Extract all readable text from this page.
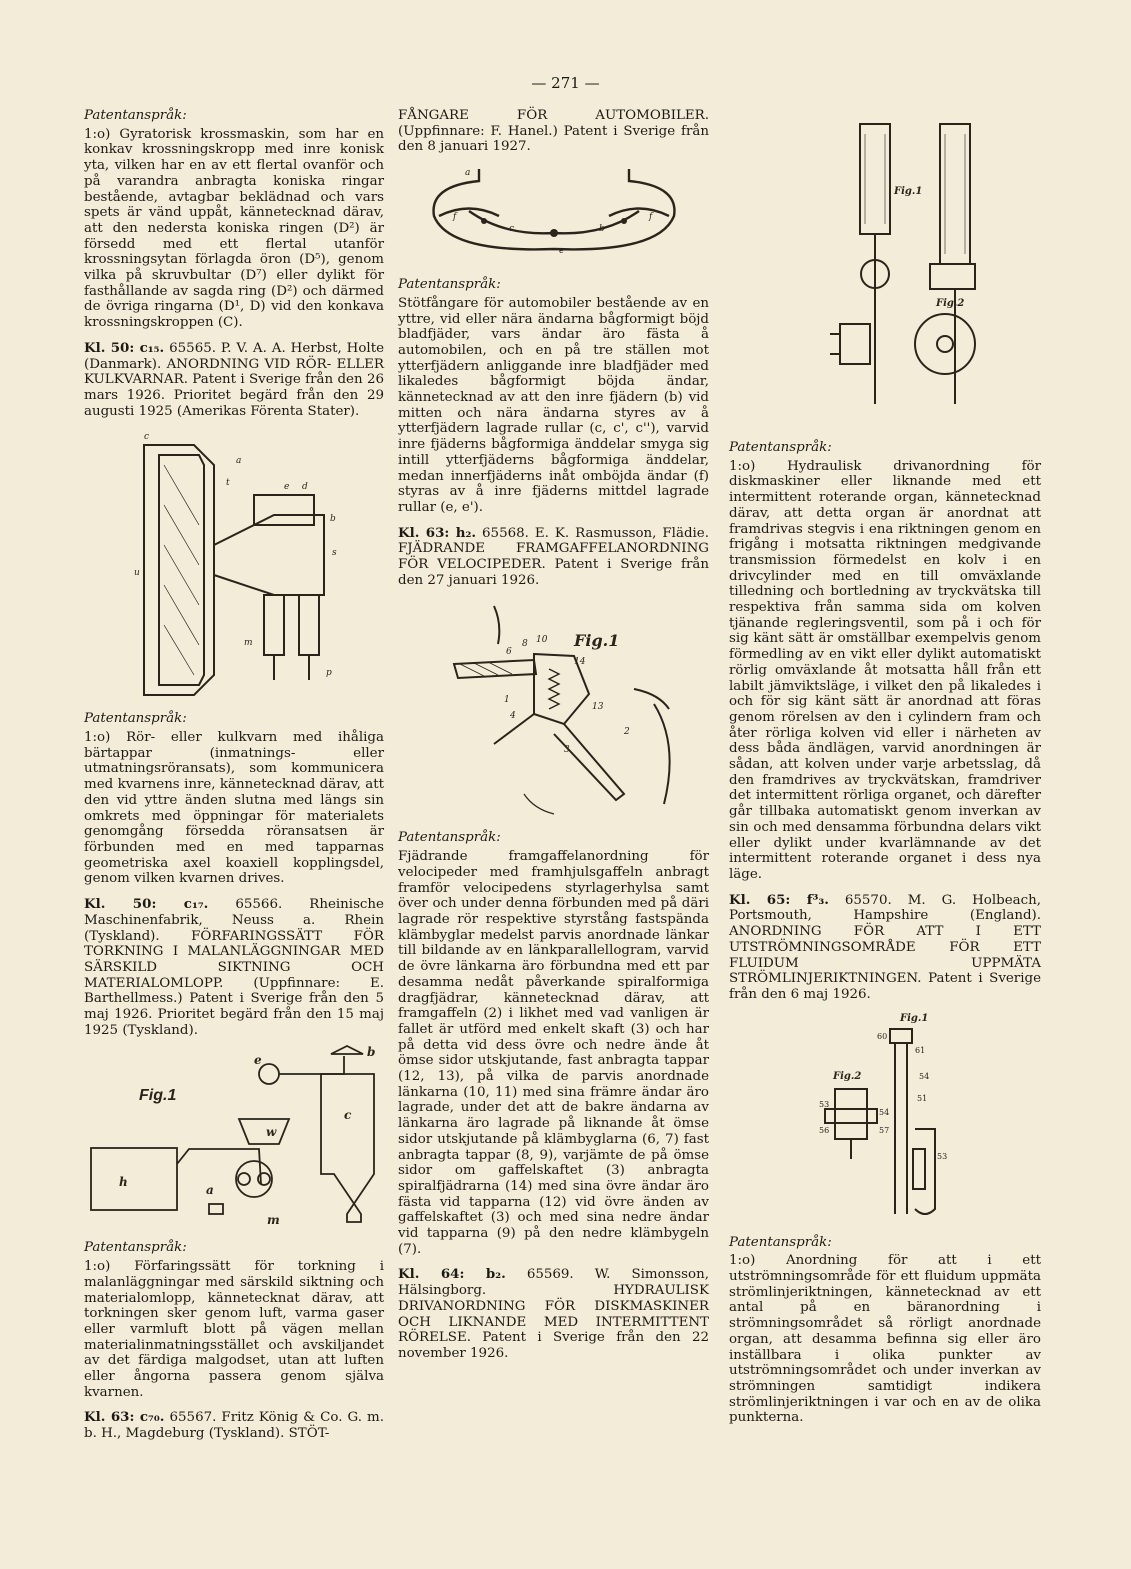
— 271 —

Patentanspråk:

1:o) Gyratorisk krossmaskin, som har en konkav krossningskropp med inre konisk yta, vilken har en av ett flertal ovanför och på varandra anbragta koniska ringar bestående, avtagbar beklädnad och vars spets är vänd uppåt, kännetecknad därav, att den nedersta koniska ringen (D²) är försedd med ett flertal utanför krossningsytan förlagda öron (D⁵), genom vilka på skruvbultar (D⁷) eller dylikt för fasthållande av sagda ring (D²) och därmed de övriga ringarna (D¹, D) vid den konkava krossningskroppen (C).

Kl. 50: c₁₅. 65565. P. V. A. A. Herbst, Holte (Danmark). ANORDNING VID RÖR- ELLER KULKVARNAR. Patent i Sverige från den 26 mars 1926. Prioritet begärd från den 29 augusti 1925 (Amerikas Förenta Stater).

c
a
t	e d
b
s
u
m
p

Patentanspråk:

1:o) Rör- eller kulkvarn med ihåliga bärtappar (inmatnings- eller utmatningsröransats), som kommunicera med kvarnens inre, kännetecknad därav, att den vid yttre änden slutna med längs sin omkrets med öppningar för materialets genomgång försedda röransatsen är förbunden med en med tapparnas geometriska axel koaxiell kopplingsdel, genom vilken kvarnen drives.

Kl. 50: c₁₇. 65566. Rheinische Maschinenfabrik, Neuss a. Rhein (Tyskland). FÖRFARINGSSÄTT FÖR TORKNING I MALANLÄGGNINGAR MED SÄRSKILD SIKTNING OCH MATERIALOMLOPP. (Uppfinnare: E. Barthellmess.) Patent i Sverige från den 5 maj 1926. Prioritet begärd från den 15 maj 1925 (Tyskland).

Fig.1
h
e
w
c
b
a
m

Patentanspråk:

1:o) Förfaringssätt för torkning i malanläggningar med särskild siktning och materialomlopp, kännetecknat därav, att torkningen sker genom luft, varma gaser eller varmluft blott på vägen mellan materialinmatningsstället och avskiljandet av det färdiga malgodset, utan att luften eller ångorna passera genom själva kvarnen.

Kl. 63: c₇₀. 65567. Fritz König & Co. G. m. b. H., Magdeburg (Tyskland). STÖT-

FÅNGARE FÖR AUTOMOBILER. (Uppfinnare: F. Hanel.) Patent i Sverige från den 8 januari 1927.

a
f	f
c
e
b

Patentanspråk:

Stötfångare för automobiler bestående av en yttre, vid eller nära ändarna bågformigt böjd bladfjäder, vars ändar äro fästa å automobilen, och en på tre ställen mot ytterfjädern anliggande inre bladfjäder med likaledes bågformigt böjda ändar, kännetecknad av att den inre fjädern (b) vid mitten och nära ändarna styres av å ytterfjädern lagrade rullar (c, c', c''), varvid inre fjäderns bågformiga änddelar smyga sig intill ytterfjäderns bågformiga änddelar, medan innerfjäderns inåt omböjda ändar (f) styras av å inre fjäderns mittdel lagrade rullar (e, e').

Kl. 63: h₂. 65568. E. K. Rasmusson, Flädie. FJÄDRANDE FRAMGAFFELANORDNING FÖR VELOCIPEDER. Patent i Sverige från den 27 januari 1926.

Fig.1
6
8 10
14
1
4
13
3
2

Patentanspråk:

Fjädrande framgaffelanordning för velocipeder med framhjulsgaffeln anbragt framför velocipedens styrlagerhylsa samt över och under denna förbunden med på däri lagrade rör respektive styrstång fastspända klämbyglar medelst parvis anordnade länkar till bildande av en länkparallellogram, varvid de övre länkarna äro förbundna med ett par desamma nedåt påverkande spiralformiga dragfjädrar, kännetecknad därav, att framgaffeln (2) i likhet med vad vanligen är fallet är utförd med enkelt skaft (3) och har på detta vid dess övre och nedre ände åt ömse sidor utskjutande, fast anbragta tappar (12, 13), på vilka de parvis anordnade länkarna (10, 11) med sina främre ändar äro lagrade, under det att de bakre ändarna av länkarna äro lagrade på liknande åt ömse sidor utskjutande på klämbyglarna (6, 7) fast anbragta tappar (8, 9), varjämte de på ömse sidor om gaffelskaftet (3) anbragta spiralfjädrarna (14) med sina övre ändar äro fästa vid tapparna (12) vid övre änden av gaffelskaftet (3) och med sina nedre ändar vid tapparna (9) på den nedre klämbygeln (7).

Kl. 64: b₂. 65569. W. Simonsson, Hälsingborg. HYDRAULISK DRIVANORDNING FÖR DISKMASKINER OCH LIKNANDE MED INTERMITTENT RÖRELSE. Patent i Sverige från den 22 november 1926.

Fig.1
Fig.2

Patentanspråk:

1:o) Hydraulisk drivanordning för diskmaskiner eller liknande med ett intermittent roterande organ, kännetecknad därav, att detta organ är anordnat att framdrivas stegvis i ena riktningen genom en frigång i motsatta riktningen medgivande transmission förmedelst en kolv i en drivcylinder med en till omväxlande tilledning och bortledning av tryckvätska till respektiva från samma sida om kolven tjänande regleringsventil, som på i och för sig känt sätt är omställbar exempelvis genom förmedling av en vikt eller dylikt automatiskt rörlig omväxlande åt motsatta håll från ett labilt jämviktsläge, i vilket den på likaledes i och för sig känt sätt är anordnad att föras genom rörelsen av den i cylindern fram och åter rörliga kolven vid eller i närheten av dess båda ändlägen, varvid anordningen är sådan, att kolven under varje arbetsslag, då den framdrives av tryckvätskan, framdriver det intermittent rörliga organet, och därefter går tillbaka automatiskt genom inverkan av sin och med densamma förbundna delars vikt eller dylikt under kvarlämnande av det intermittent roterande organet i dess nya läge.

Kl. 65: f³₃. 65570. M. G. Holbeach, Portsmouth, Hampshire (England). ANORDNING FÖR ATT I ETT UTSTRÖMNINGSOMRÅDE FÖR ETT FLUIDUM UPPMÄTA STRÖMLINJERIKTNINGEN. Patent i Sverige från den 6 maj 1926.

Fig.1
Fig.2
60
61
54
51
53
54
56	57
53

Patentanspråk:

1:o) Anordning för att i ett utströmningsområde för ett fluidum uppmäta strömlinjeriktningen, kännetecknad av ett antal på en bäranordning i strömningsområdet så rörligt anordnade organ, att desamma befinna sig eller äro inställbara i olika punkter av utströmningsområdet och under inverkan av strömningen samtidigt indikera strömlinjeriktningen i var och en av de olika punkterna.
